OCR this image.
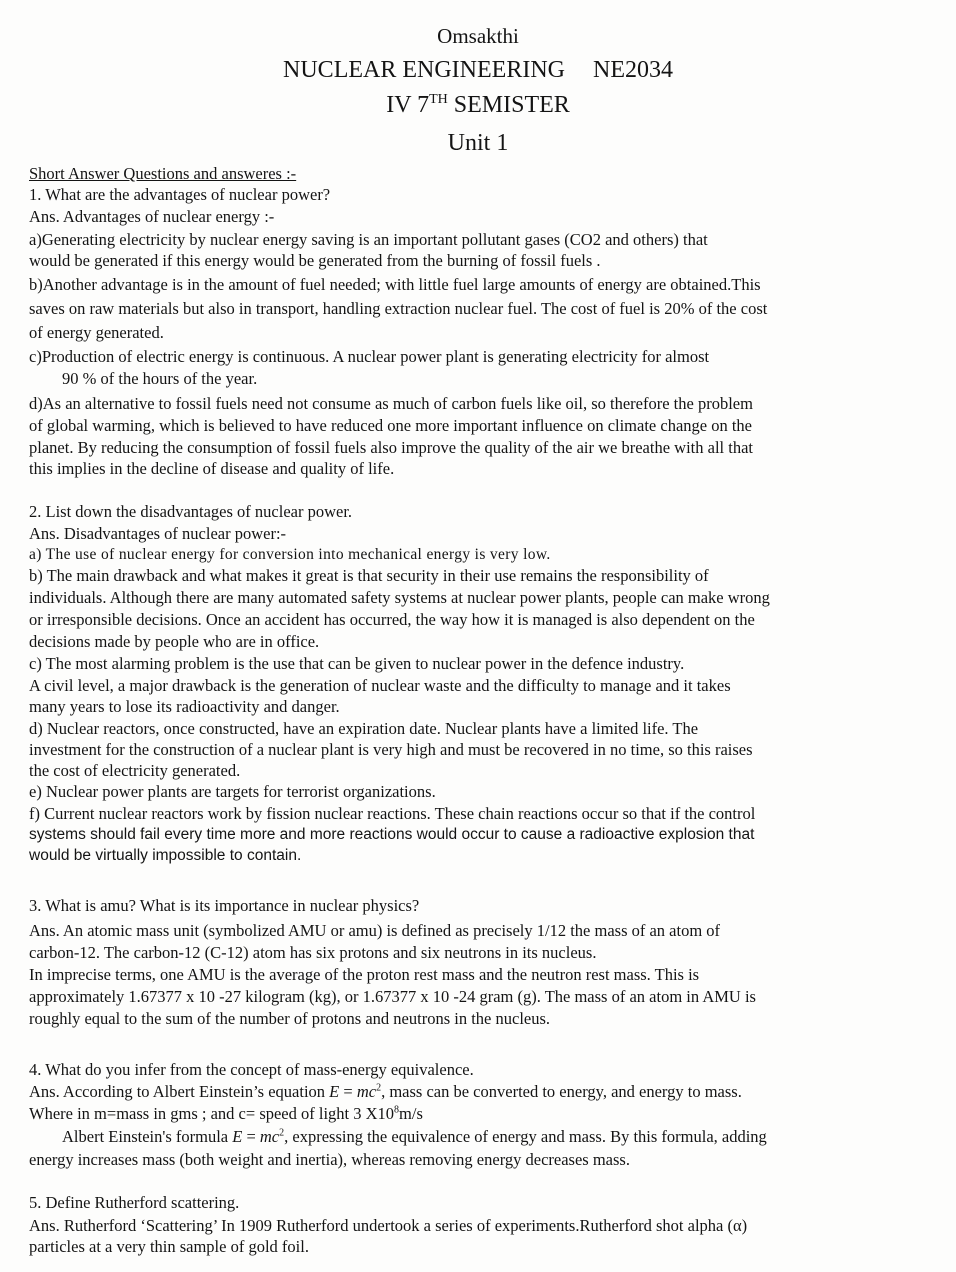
Omsakthi
NUCLEAR ENGINEERING NE2034
IV 7TH SEMISTER
Unit 1
Short Answer Questions and answeres :-
1. What are the advantages of nuclear power?
Ans. Advantages of nuclear energy :-
a)Generating electricity by nuclear energy saving is an important pollutant gases (CO2 and others) that
would be generated if this energy would be generated from the burning of fossil fuels .
b)Another advantage is in the amount of fuel needed; with little fuel large amounts of energy are obtained.This
saves on raw materials but also in transport, handling extraction nuclear fuel. The cost of fuel is 20% of the cost
of energy generated.
c)Production of electric energy is continuous. A nuclear power plant is generating electricity for almost
90 % of the hours of the year.
d)As an alternative to fossil fuels need not consume as much of carbon fuels like oil, so therefore the problem
of global warming, which is believed to have reduced one more important influence on climate change on the
planet. By reducing the consumption of fossil fuels also improve the quality of the air we breathe with all that
this implies in the decline of disease and quality of life.
2. List down the disadvantages of nuclear power.
Ans. Disadvantages of nuclear power:-
a) The use of nuclear energy for conversion into mechanical energy is very low.
b) The main drawback and what makes it great is that security in their use remains the responsibility of
individuals. Although there are many automated safety systems at nuclear power plants, people can make wrong
or irresponsible decisions. Once an accident has occurred, the way how it is managed is also dependent on the
decisions made by people who are in office.
c) The most alarming problem is the use that can be given to nuclear power in the defence industry.
A civil level, a major drawback is the generation of nuclear waste and the difficulty to manage and it takes
many years to lose its radioactivity and danger.
d) Nuclear reactors, once constructed, have an expiration date. Nuclear plants have a limited life. The
investment for the construction of a nuclear plant is very high and must be recovered in no time, so this raises
the cost of electricity generated.
e) Nuclear power plants are targets for terrorist organizations.
f) Current nuclear reactors work by fission nuclear reactions. These chain reactions occur so that if the control
systems should fail every time more and more reactions would occur to cause a radioactive explosion that
would be virtually impossible to contain.
3. What is amu? What is its importance in nuclear physics?
Ans. An atomic mass unit (symbolized AMU or amu) is defined as precisely 1/12 the mass of an atom of
carbon-12. The carbon-12 (C-12) atom has six protons and six neutrons in its nucleus.
In imprecise terms, one AMU is the average of the proton rest mass and the neutron rest mass. This is
approximately 1.67377 x 10 -27 kilogram (kg), or 1.67377 x 10 -24 gram (g). The mass of an atom in AMU is
roughly equal to the sum of the number of protons and neutrons in the nucleus.
4. What do you infer from the concept of mass-energy equivalence.
Ans. According to Albert Einstein’s equation $E = mc^2$, mass can be converted to energy, and energy to mass.
Where in m=mass in gms ; and c= speed of light 3 $X10^8m/s$
Albert Einstein's formula $E = mc^2$, expressing the equivalence of energy and mass. By this formula, adding
energy increases mass (both weight and inertia), whereas removing energy decreases mass.
5. Define Rutherford scattering.
Ans. Rutherford ‘Scattering’ In 1909 Rutherford undertook a series of experiments.Rutherford shot alpha (α)
particles at a very thin sample of gold foil.
